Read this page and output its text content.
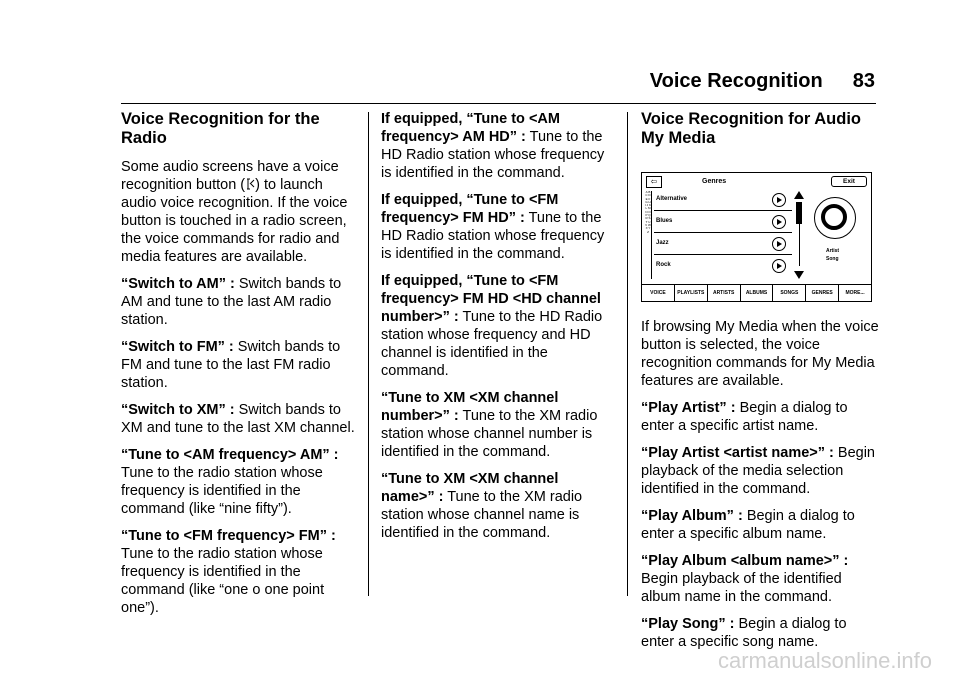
Voice Recognition 83
Voice Recognition for the Radio

Some audio screens have a voice recognition button ( ) to launch audio voice recognition. If the voice button is touched in a radio screen, the voice commands for radio and media features are available.

“Switch to AM” : Switch bands to AM and tune to the last AM radio station.

“Switch to FM” : Switch bands to FM and tune to the last FM radio station.

“Switch to XM” : Switch bands to XM and tune to the last XM channel.

“Tune to <AM frequency> AM” : Tune to the radio station whose frequency is identified in the command (like “nine fifty”).

“Tune to <FM frequency> FM” : Tune to the radio station whose frequency is identified in the command (like “one o one point one”).

If equipped, “Tune to <AM frequency> AM HD” : Tune to the HD Radio station whose frequency is identified in the command.

If equipped, “Tune to <FM frequency> FM HD” : Tune to the HD Radio station whose frequency is identified in the command.

If equipped, “Tune to <FM frequency> FM HD <HD channel number>” : Tune to the HD Radio station whose frequency and HD channel is identified in the command.

“Tune to XM <XM channel number>” : Tune to the XM radio station whose channel number is identified in the command.

“Tune to XM <XM channel name>” : Tune to the XM radio station whose channel name is identified in the command.

Voice Recognition for Audio My Media
⇦	Genres	Exit
A B C D E F G H I J K L M N O P Q R S T U V W X Y Z
Alternative
Blues
Jazz
Rock
Artist
Song
VOICE	PLAYLISTS	ARTISTS	ALBUMS	SONGS	GENRES	MORE...

If browsing My Media when the voice button is selected, the voice recognition commands for My Media features are available.

“Play Artist” : Begin a dialog to enter a specific artist name.

“Play Artist <artist name>” : Begin playback of the media selection identified in the command.

“Play Album” : Begin a dialog to enter a specific album name.

“Play Album <album name>” : Begin playback of the identified album name in the command.

“Play Song” : Begin a dialog to enter a specific song name.

carmanualsonline.info
